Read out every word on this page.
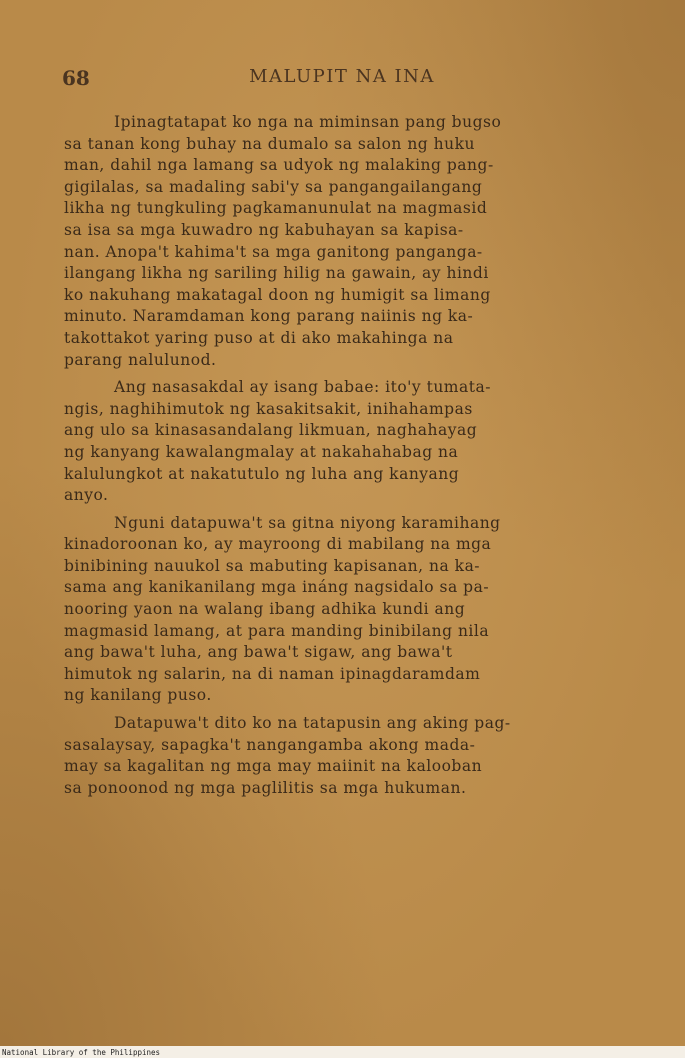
68	MALUPIT NA INA

Ipinagtatapat ko nga na miminsan pang bugso
sa tanan kong buhay na dumalo sa salon ng huku
man, dahil nga lamang sa udyok ng malaking pang-
gigilalas, sa madaling sabi'y sa pangangailangang
likha ng tungkuling pagkamanunulat na magmasid
sa isa sa mga kuwadro ng kabuhayan sa kapisa-
nan. Anopa't kahima't sa mga ganitong panganga-
ilangang likha ng sariling hilig na gawain, ay hindi
ko nakuhang makatagal doon ng humigit sa limang
minuto. Naramdaman kong parang naiinis ng ka-
takottakot yaring puso at di ako makahinga na
parang nalulunod.

Ang nasasakdal ay isang babae: ito'y tumata-
ngis, naghihimutok ng kasakitsakit, inihahampas
ang ulo sa kinasasandalang likmuan, naghahayag
ng kanyang kawalangmalay at nakahahabag na
kalulungkot at nakatutulo ng luha ang kanyang
anyo.

Nguni datapuwa't sa gitna niyong karamihang
kinadoroonan ko, ay mayroong di mabilang na mga
binibining nauukol sa mabuting kapisanan, na ka-
sama ang kanikanilang mga ináng nagsidalo sa pa-
nooring yaon na walang ibang adhika kundi ang
magmasid lamang, at para manding binibilang nila
ang bawa't luha, ang bawa't sigaw, ang bawa't
himutok ng salarin, na di naman ipinagdaramdam
ng kanilang puso.

Datapuwa't dito ko na tatapusin ang aking pag-
sasalaysay, sapagka't nangangamba akong mada-
may sa kagalitan ng mga may maiinit na kalooban
sa ponoonod ng mga paglilitis sa mga hukuman.

National Library of the Philippines
